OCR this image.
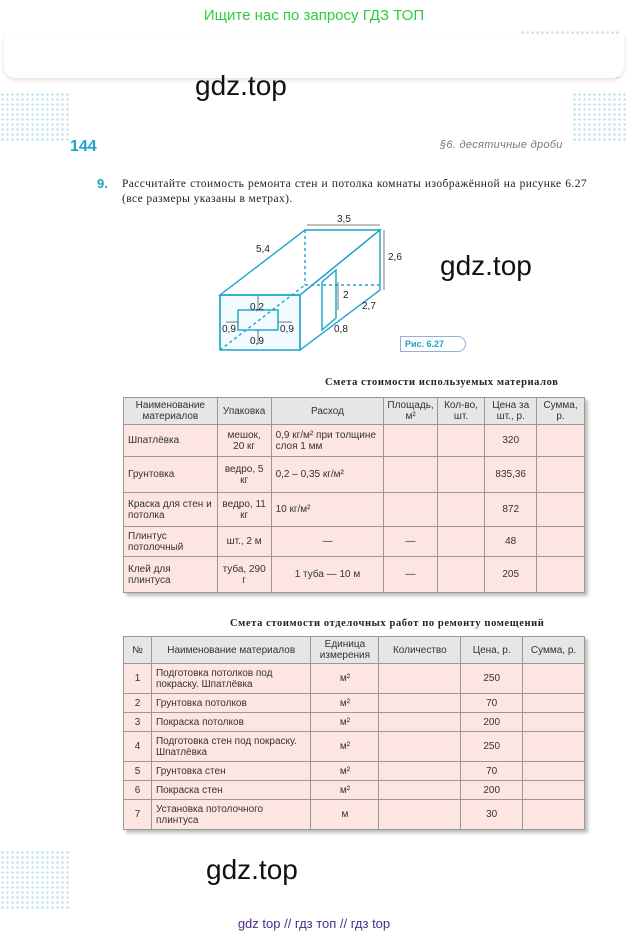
Ищите нас по запросу ГДЗ ТОП
144	§6. десятичные дроби
9. Рассчитайте стоимость ремонта стен и потолка комнаты изображённой на рисунке 6.27 (все размеры указаны в метрах).
3,5
5,4
2,6
2
2,7
0,8
0,2
0,9	0,9
0,9	Рис. 6.27
gdz.top
gdz.top
gdz.top
Смета стоимости используемых материалов
Наименование материалов	Упаковка	Расход	Площадь, м²	Кол-во, шт.	Цена за шт., р.	Сумма, р.
Шпатлёвка	мешок, 20 кг	0,9 кг/м² при толщине слоя 1 мм			320	
Грунтовка	ведро, 5 кг	0,2 – 0,35 кг/м²			835,36	
Краска для стен и потолка	ведро, 11 кг	10 кг/м²			872	
Плинтус потолочный	шт., 2 м	—	—		48	
Клей для плинтуса	туба, 290 г	1 туба — 10 м	—		205	
Смета стоимости отделочных работ по ремонту помещений
№	Наименование материалов	Единица измерения	Количество	Цена, р.	Сумма, р.
1	Подготовка потолков под покраску. Шпатлёвка	м²		250	
2	Грунтовка потолков	м²		70	
3	Покраска потолков	м²		200	
4	Подготовка стен под покраску. Шпатлёвка	м²		250	
5	Грунтовка стен	м²		70	
6	Покраска стен	м²		200	
7	Установка потолочного плинтуса	м		30	
gdz top // гдз топ // гдз top
